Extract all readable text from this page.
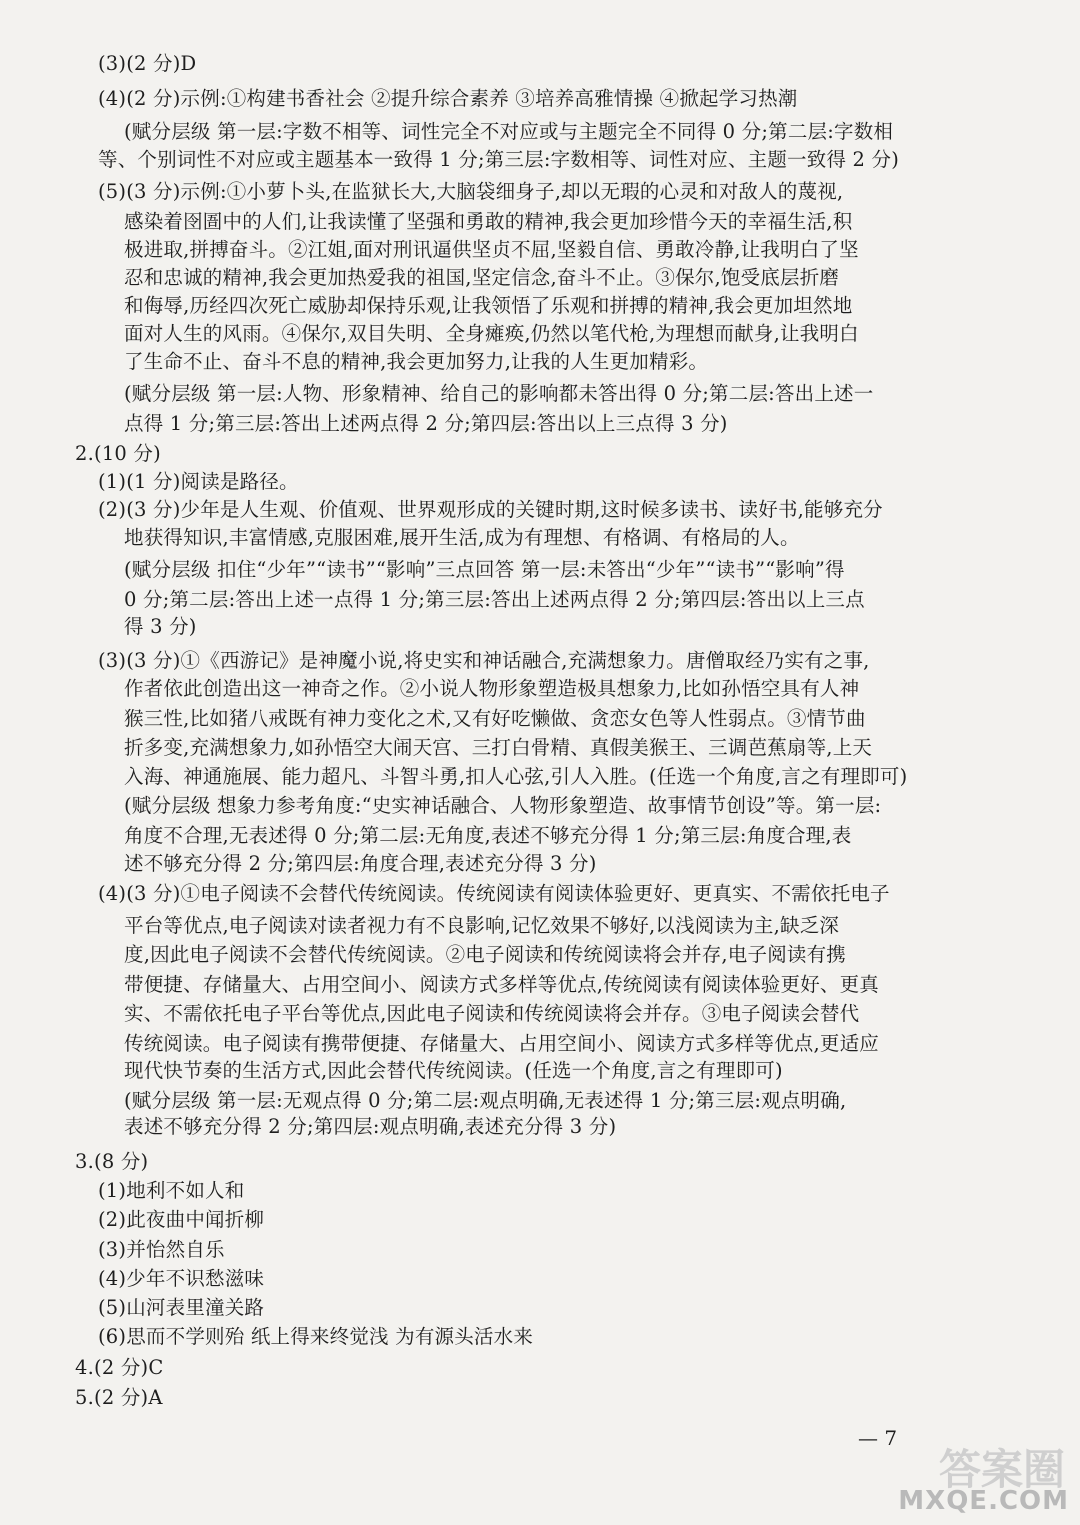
(3)(2 分)D
(4)(2 分)示例:①构建书香社会 ②提升综合素养 ③培养高雅情操 ④掀起学习热潮
(赋分层级 第一层:字数不相等、词性完全不对应或与主题完全不同得 0 分;第二层:字数相
等、个别词性不对应或主题基本一致得 1 分;第三层:字数相等、词性对应、主题一致得 2 分)
(5)(3 分)示例:①小萝卜头,在监狱长大,大脑袋细身子,却以无瑕的心灵和对敌人的蔑视,
感染着囹圄中的人们,让我读懂了坚强和勇敢的精神,我会更加珍惜今天的幸福生活,积
极进取,拼搏奋斗。②江姐,面对刑讯逼供坚贞不屈,坚毅自信、勇敢冷静,让我明白了坚
忍和忠诚的精神,我会更加热爱我的祖国,坚定信念,奋斗不止。③保尔,饱受底层折磨
和侮辱,历经四次死亡威胁却保持乐观,让我领悟了乐观和拼搏的精神,我会更加坦然地
面对人生的风雨。④保尔,双目失明、全身瘫痪,仍然以笔代枪,为理想而献身,让我明白
了生命不止、奋斗不息的精神,我会更加努力,让我的人生更加精彩。
(赋分层级 第一层:人物、形象精神、给自己的影响都未答出得 0 分;第二层:答出上述一
点得 1 分;第三层:答出上述两点得 2 分;第四层:答出以上三点得 3 分)
2.(10 分)
(1)(1 分)阅读是路径。
(2)(3 分)少年是人生观、价值观、世界观形成的关键时期,这时候多读书、读好书,能够充分
地获得知识,丰富情感,克服困难,展开生活,成为有理想、有格调、有格局的人。
(赋分层级 扣住“少年”“读书”“影响”三点回答 第一层:未答出“少年”“读书”“影响”得
0 分;第二层:答出上述一点得 1 分;第三层:答出上述两点得 2 分;第四层:答出以上三点
得 3 分)
(3)(3 分)①《西游记》是神魔小说,将史实和神话融合,充满想象力。唐僧取经乃实有之事,
作者依此创造出这一神奇之作。②小说人物形象塑造极具想象力,比如孙悟空具有人神
猴三性,比如猪八戒既有神力变化之术,又有好吃懒做、贪恋女色等人性弱点。③情节曲
折多变,充满想象力,如孙悟空大闹天宫、三打白骨精、真假美猴王、三调芭蕉扇等,上天
入海、神通施展、能力超凡、斗智斗勇,扣人心弦,引人入胜。(任选一个角度,言之有理即可)
(赋分层级 想象力参考角度:“史实神话融合、人物形象塑造、故事情节创设”等。第一层:
角度不合理,无表述得 0 分;第二层:无角度,表述不够充分得 1 分;第三层:角度合理,表
述不够充分得 2 分;第四层:角度合理,表述充分得 3 分)
(4)(3 分)①电子阅读不会替代传统阅读。传统阅读有阅读体验更好、更真实、不需依托电子
平台等优点,电子阅读对读者视力有不良影响,记忆效果不够好,以浅阅读为主,缺乏深
度,因此电子阅读不会替代传统阅读。②电子阅读和传统阅读将会并存,电子阅读有携
带便捷、存储量大、占用空间小、阅读方式多样等优点,传统阅读有阅读体验更好、更真
实、不需依托电子平台等优点,因此电子阅读和传统阅读将会并存。③电子阅读会替代
传统阅读。电子阅读有携带便捷、存储量大、占用空间小、阅读方式多样等优点,更适应
现代快节奏的生活方式,因此会替代传统阅读。(任选一个角度,言之有理即可)
(赋分层级 第一层:无观点得 0 分;第二层:观点明确,无表述得 1 分;第三层:观点明确,
表述不够充分得 2 分;第四层:观点明确,表述充分得 3 分)
3.(8 分)
(1)地利不如人和
(2)此夜曲中闻折柳
(3)并怡然自乐
(4)少年不识愁滋味
(5)山河表里潼关路
(6)思而不学则殆 纸上得来终觉浅 为有源头活水来
4.(2 分)C
5.(2 分)A
— 7
答案圈
MXQE.COM
